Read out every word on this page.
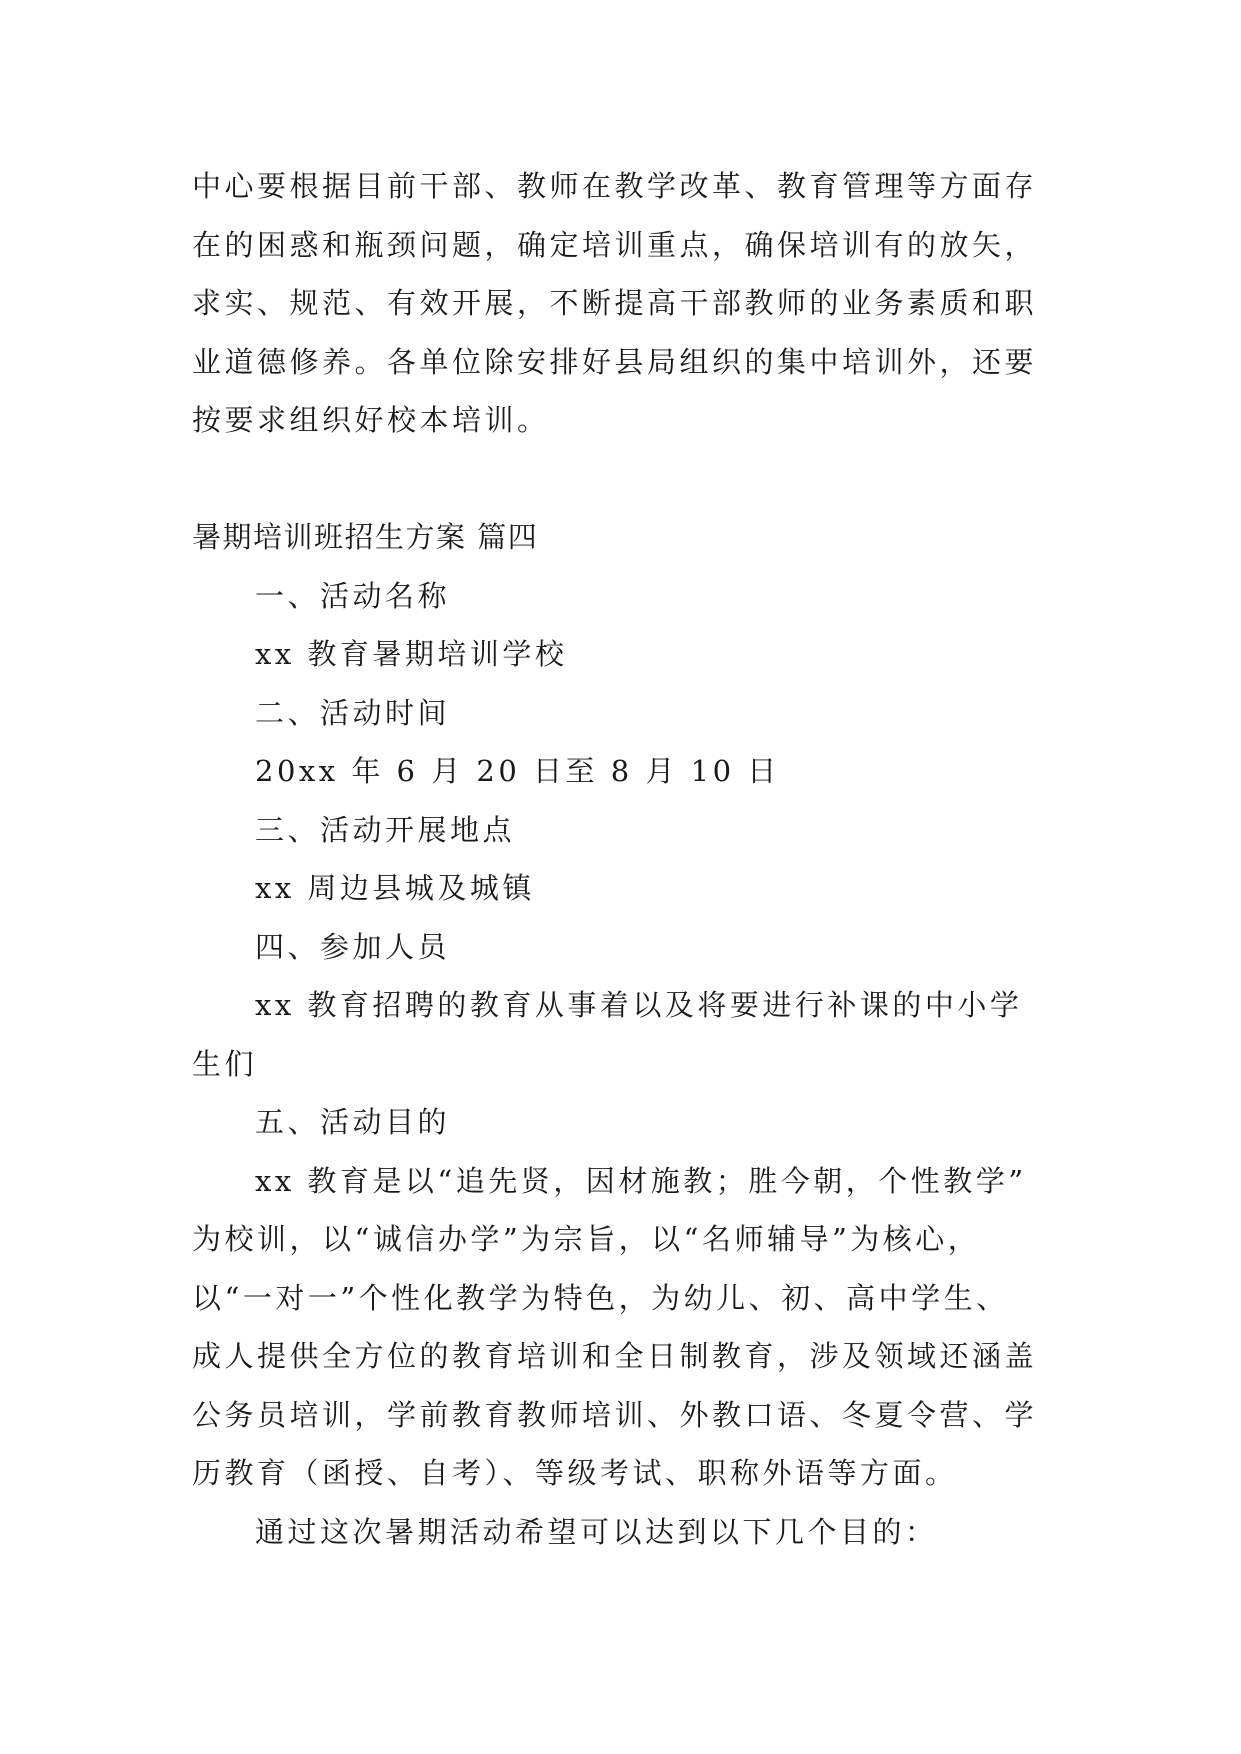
中心要根据目前干部、教师在教学改革、教育管理等方面存

在的困惑和瓶颈问题，确定培训重点，确保培训有的放矢，

求实、规范、有效开展，不断提高干部教师的业务素质和职

业道德修养。各单位除安排好县局组织的集中培训外，还要

按要求组织好校本培训。

暑期培训班招生方案 篇四

一、活动名称

xx 教育暑期培训学校

二、活动时间

20xx 年 6 月 20 日至 8 月 10 日

三、活动开展地点

xx 周边县城及城镇

四、参加人员

xx 教育招聘的教育从事着以及将要进行补课的中小学

生们

五、活动目的

xx 教育是以“追先贤，因材施教；胜今朝，个性教学”

为校训，以“诚信办学”为宗旨，以“名师辅导”为核心，

以“一对一”个性化教学为特色，为幼儿、初、高中学生、

成人提供全方位的教育培训和全日制教育，涉及领域还涵盖

公务员培训，学前教育教师培训、外教口语、冬夏令营、学

历教育（函授、自考）、等级考试、职称外语等方面。

通过这次暑期活动希望可以达到以下几个目的：
